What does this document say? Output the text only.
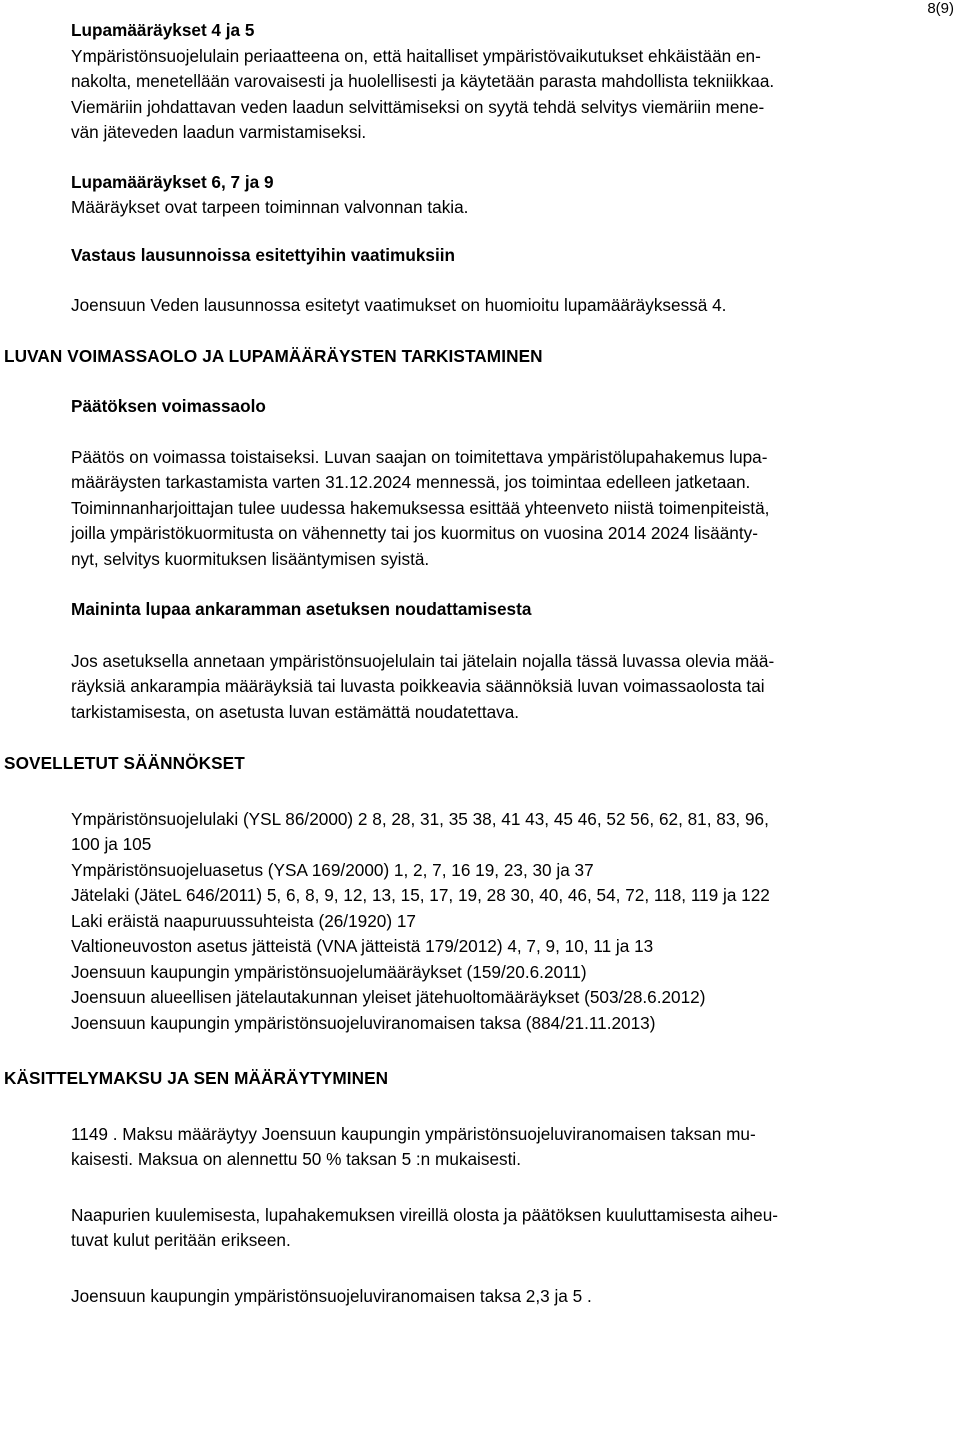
8(9)

Lupamääräykset 4 ja 5

Ympäristönsuojelulain periaatteena on, että haitalliset ympäristövaikutukset ehkäistään en-

nakolta, menetellään varovaisesti ja huolellisesti ja käytetään parasta mahdollista tekniikkaa.

Viemäriin johdattavan veden laadun selvittämiseksi on syytä tehdä selvitys viemäriin mene-

vän jäteveden laadun varmistamiseksi.

Lupamääräykset 6, 7 ja 9

Määräykset ovat tarpeen toiminnan valvonnan takia.

Vastaus lausunnoissa esitettyihin vaatimuksiin

Joensuun Veden lausunnossa esitetyt vaatimukset on huomioitu lupamääräyksessä 4.

LUVAN VOIMASSAOLO JA LUPAMÄÄRÄYSTEN TARKISTAMINEN

Päätöksen voimassaolo

Päätös on voimassa toistaiseksi. Luvan saajan on toimitettava ympäristölupahakemus lupa-

määräysten tarkastamista varten 31.12.2024 mennessä, jos toimintaa edelleen jatketaan.

Toiminnanharjoittajan tulee uudessa hakemuksessa esittää yhteenveto niistä toimenpiteistä,

joilla ympäristökuormitusta on vähennetty tai jos kuormitus on vuosina 2014 2024 lisäänty-

nyt, selvitys kuormituksen lisääntymisen syistä.

Maininta lupaa ankaramman asetuksen noudattamisesta

Jos asetuksella annetaan ympäristönsuojelulain tai jätelain nojalla tässä luvassa olevia mää-

räyksiä ankarampia määräyksiä tai luvasta poikkeavia säännöksiä luvan voimassaolosta tai

tarkistamisesta, on asetusta luvan estämättä noudatettava.

SOVELLETUT SÄÄNNÖKSET

Ympäristönsuojelulaki (YSL 86/2000) 2 8, 28, 31, 35 38, 41 43, 45 46, 52 56, 62, 81, 83, 96,

100 ja 105

Ympäristönsuojeluasetus (YSA 169/2000) 1, 2, 7, 16 19, 23, 30 ja 37

Jätelaki (JäteL 646/2011) 5, 6, 8, 9, 12, 13, 15, 17, 19, 28 30, 40, 46, 54, 72, 118, 119 ja 122

Laki eräistä naapuruussuhteista (26/1920) 17

Valtioneuvoston asetus jätteistä (VNA jätteistä 179/2012) 4, 7, 9, 10, 11 ja 13

Joensuun kaupungin ympäristönsuojelumääräykset (159/20.6.2011)

Joensuun alueellisen jätelautakunnan yleiset jätehuoltomääräykset (503/28.6.2012)

Joensuun kaupungin ympäristönsuojeluviranomaisen taksa (884/21.11.2013)

KÄSITTELYMAKSU JA SEN MÄÄRÄYTYMINEN

1149 . Maksu määräytyy Joensuun kaupungin ympäristönsuojeluviranomaisen taksan mu-

kaisesti. Maksua on alennettu 50 % taksan 5 :n mukaisesti.

Naapurien kuulemisesta, lupahakemuksen vireillä olosta ja päätöksen kuuluttamisesta aiheu-

tuvat kulut peritään erikseen.

Joensuun kaupungin ympäristönsuojeluviranomaisen taksa 2,3 ja 5 .
